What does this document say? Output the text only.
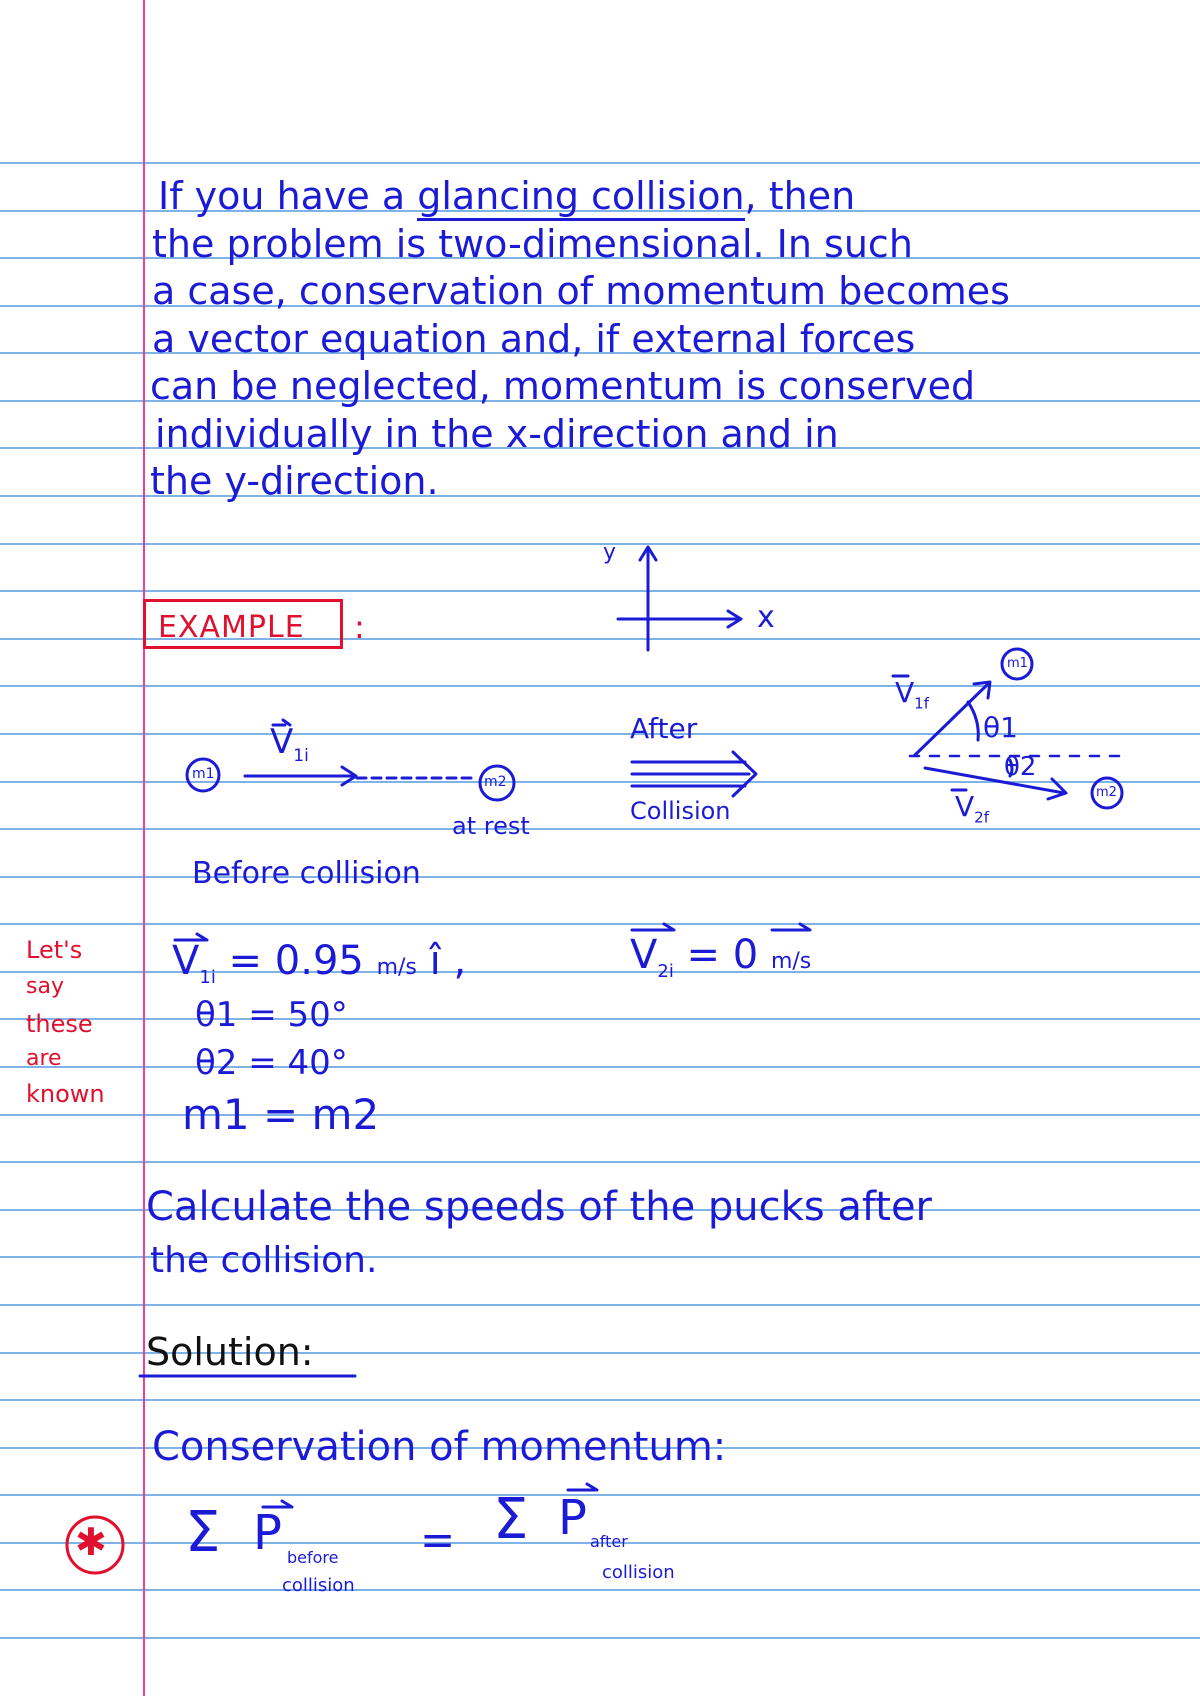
If you have a glancing collision, then
the problem is two-dimensional. In such
a case, conservation of momentum becomes
a vector equation and, if external forces
can be neglected, momentum is conserved
individually in the x-direction and in
the y-direction.
y
x
EXAMPLE :
m1	m2
$V_{1i}$
at rest
Before collision
After
Collision
m1
m2
$V_{1f}$
θ1
θ2
$V_{2f}$
Let's
say
these
are
known
$V_{1i} = 0.95$ m/s î ,	$V_{2i} = 0$ m/s
θ1 = 50°
θ2 = 40°
m1 = m2
Calculate the speeds of the pucks after
the collision.
Solution:
Conservation of momentum:
✱ Σ P before
collision
= Σ P after
collision
